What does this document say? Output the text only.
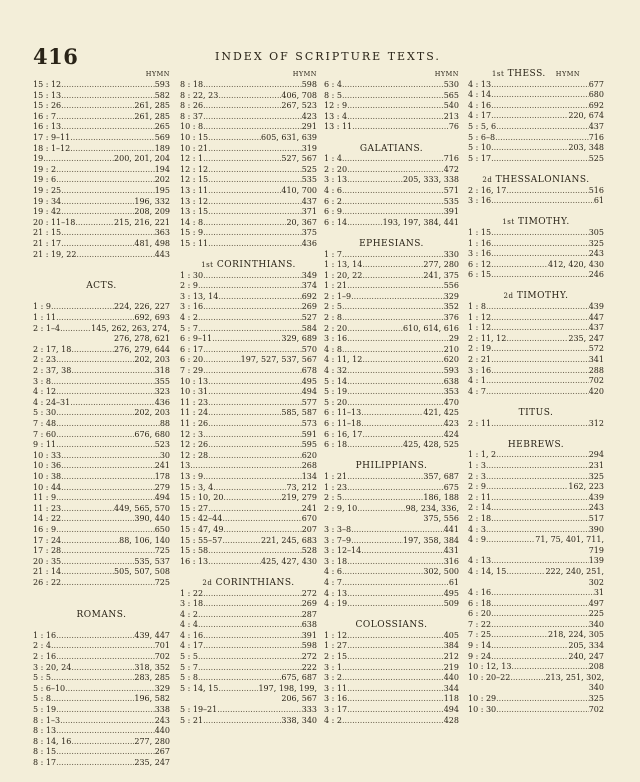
416	INDEX OF SCRIPTURE TEXTS.
HYMN
15 : 12 .....	593
15 : 13 .....	582
15 : 26 .....	261, 285
16 : 7 .....	261, 285
16 : 13 .....	265
17 : 9–11 .....	569
18 : 1–12 .....	189
19 .....	200, 201, 204
19 : 2 .....	194
19 : 6 .....	202
19 : 25 .....	195
19 : 34 .....	196, 332
19 : 42 .....	208, 209
20 : 11–18 .....	215, 216, 221
21 : 15 .....	363
21 : 17 .....	481, 498
21 : 19, 22 .....	443
ACTS.
1 : 9 .....	224, 226, 227
1 : 11 .....	692, 693
2 : 1–4 .....	145, 262, 263, 274,
276, 278, 621
2 : 17, 18 .....	276, 279, 644
2 : 23 .....	202, 203
2 : 37, 38 .....	318
3 : 8 .....	355
4 : 12 .....	323
4 : 24–31 .....	436
5 : 30 .....	202, 203
7 : 48 .....	88
7 : 60 .....	676, 680
9 : 11 .....	523
10 : 33 .....	30
10 : 36 .....	241
10 : 38 .....	178
10 : 44 .....	279
11 : 9 .....	494
11 : 23 .....	449, 565, 570
14 : 22 .....	390, 440
16 : 9 .....	650
17 : 24 .....	88, 106, 140
17 : 28 .....	725
20 : 35 .....	535, 537
21 : 14 .....	505, 507, 508
26 : 22 .....	725
ROMANS.
1 : 16 .....	439, 447
2 : 4 .....	701
2 : 16 .....	702
3 : 20, 24 .....	318, 352
5 : 5 .....	283, 285
5 : 6–10 .....	329
5 : 8 .....	196, 582
5 : 19 .....	338
8 : 1–3 .....	243
8 : 13 .....	440
8 : 14, 16 .....	277, 280
8 : 15 .....	267
8 : 17 .....	235, 247
HYMN
8 : 18 .....	598
8 : 22, 23 .....	406, 708
8 : 26 .....	267, 523
8 : 37 .....	423
10 : 8 .....	291
10 : 15 .....	605, 631, 639
10 : 21 .....	319
12 : 1 .....	527, 567
12 : 12 .....	525
12 : 15 .....	535
13 : 11 .....	410, 700
13 : 12 .....	437
13 : 15 .....	371
14 : 8 .....	20, 367
15 : 9 .....	375
15 : 11 .....	436
1st CORINTHIANS.
1 : 30 .....	349
2 : 9 .....	374
3 : 13, 14 .....	692
3 : 16 .....	269
4 : 2 .....	527
5 : 7 .....	584
6 : 9–11 .....	329, 689
6 : 17 .....	570
6 : 20 .....	197, 527, 537, 567
7 : 29 .....	678
10 : 13 .....	495
10 : 31 .....	494
11 : 23 .....	577
11 : 24 .....	585, 587
11 : 26 .....	573
12 : 3 .....	591
12 : 26 .....	595
12 : 28 .....	620
13 .....	268
13 : 9 .....	134
15 : 3, 4 .....	73, 212
15 : 10, 20 .....	219, 279
15 : 27 .....	241
15 : 42–44 .....	670
15 : 47, 49 .....	207
15 : 55–57 .....	221, 245, 683
15 : 58 .....	528
16 : 13 .....	425, 427, 430
2d CORINTHIANS.
1 : 22 .....	272
3 : 18 .....	269
4 : 2 .....	287
4 : 4 .....	638
4 : 16 .....	391
4 : 17 .....	598
5 : 5 .....	272
5 : 7 .....	222
5 : 8 .....	675, 687
5 : 14, 15 .....	197, 198, 199,
206, 567
5 : 19–21 .....	333
5 : 21 .....	338, 340
HYMN
6 : 4 .....	530
8 : 5 .....	565
12 : 9 .....	540
13 : 4 .....	213
13 : 11 .....	76
GALATIANS.
1 : 4 .....	716
2 : 20 .....	472
3 : 13 .....	205, 333, 338
4 : 6 .....	571
6 : 2 .....	535
6 : 9 .....	391
6 : 14 .....	193, 197, 384, 441
EPHESIANS.
1 : 7 .....	330
1 : 13, 14 .....	277, 280
1 : 20, 22 .....	241, 375
1 : 21 .....	556
2 : 1–9 .....	329
2 : 5 .....	352
2 : 8 .....	376
2 : 20 .....	610, 614, 616
3 : 16 .....	29
4 : 8 .....	210
4 : 11, 12 .....	620
4 : 32 .....	593
5 : 14 .....	638
5 : 19 .....	353
5 : 20 .....	470
6 : 11–13 .....	421, 425
6 : 11–18 .....	423
6 : 16, 17 .....	424
6 : 18 .....	425, 428, 525
PHILIPPIANS.
1 : 21 .....	357, 687
1 : 23 .....	675
2 : 5 .....	186, 188
2 : 9, 10 .....	98, 234, 336,
375, 556
3 : 3–8 .....	441
3 : 7–9 .....	197, 358, 384
3 : 12–14 .....	431
3 : 18 .....	316
4 : 6 .....	302, 500
4 : 7 .....	61
4 : 13 .....	495
4 : 19 .....	509
COLOSSIANS.
1 : 12 .....	405
1 : 27 .....	384
2 : 15 .....	212
3 : 1 .....	219
3 : 2 .....	440
3 : 11 .....	344
3 : 16 .....	118
3 : 17 .....	494
4 : 2 .....	428
1st THESS. HYMN
4 : 13 .....	677
4 : 14 .....	680
4 : 16 .....	692
4 : 17 .....	220, 674
5 : 5, 6 .....	437
5 : 6–8 .....	716
5 : 10 .....	203, 348
5 : 17 .....	525
2d THESSALONIANS.
2 : 16, 17 .....	516
3 : 16 .....	61
1st TIMOTHY.
1 : 15 .....	305
1 : 16 .....	325
3 : 16 .....	243
6 : 12 .....	412, 420, 430
6 : 15 .....	246
2d TIMOTHY.
1 : 8 .....	439
1 : 12 .....	447
1 : 12 .....	437
2 : 11, 12 .....	235, 247
2 : 19 .....	572
2 : 21 .....	341
3 : 16 .....	288
4 : 1 .....	702
4 : 7 .....	420
TITUS.
2 : 11 .....	312
HEBREWS.
1 : 1, 2 .....	294
1 : 3 .....	231
2 : 3 .....	325
2 : 9 .....	162, 223
2 : 11 .....	439
2 : 14 .....	243
2 : 18 .....	517
4 : 3 .....	390
4 : 9 .....	71, 75, 401, 711,
719
4 : 13 .....	139
4 : 14, 15 .....	222, 240, 251,
302
4 : 16 .....	31
6 : 18 .....	497
6 : 20 .....	225
7 : 22 .....	340
7 : 25 .....	218, 224, 305
9 : 14 .....	205, 334
9 : 24 .....	240, 247
10 : 12, 13 .....	208
10 : 20–22 .....	213, 251, 302,
340
10 : 29 .....	325
10 : 30 .....	702
